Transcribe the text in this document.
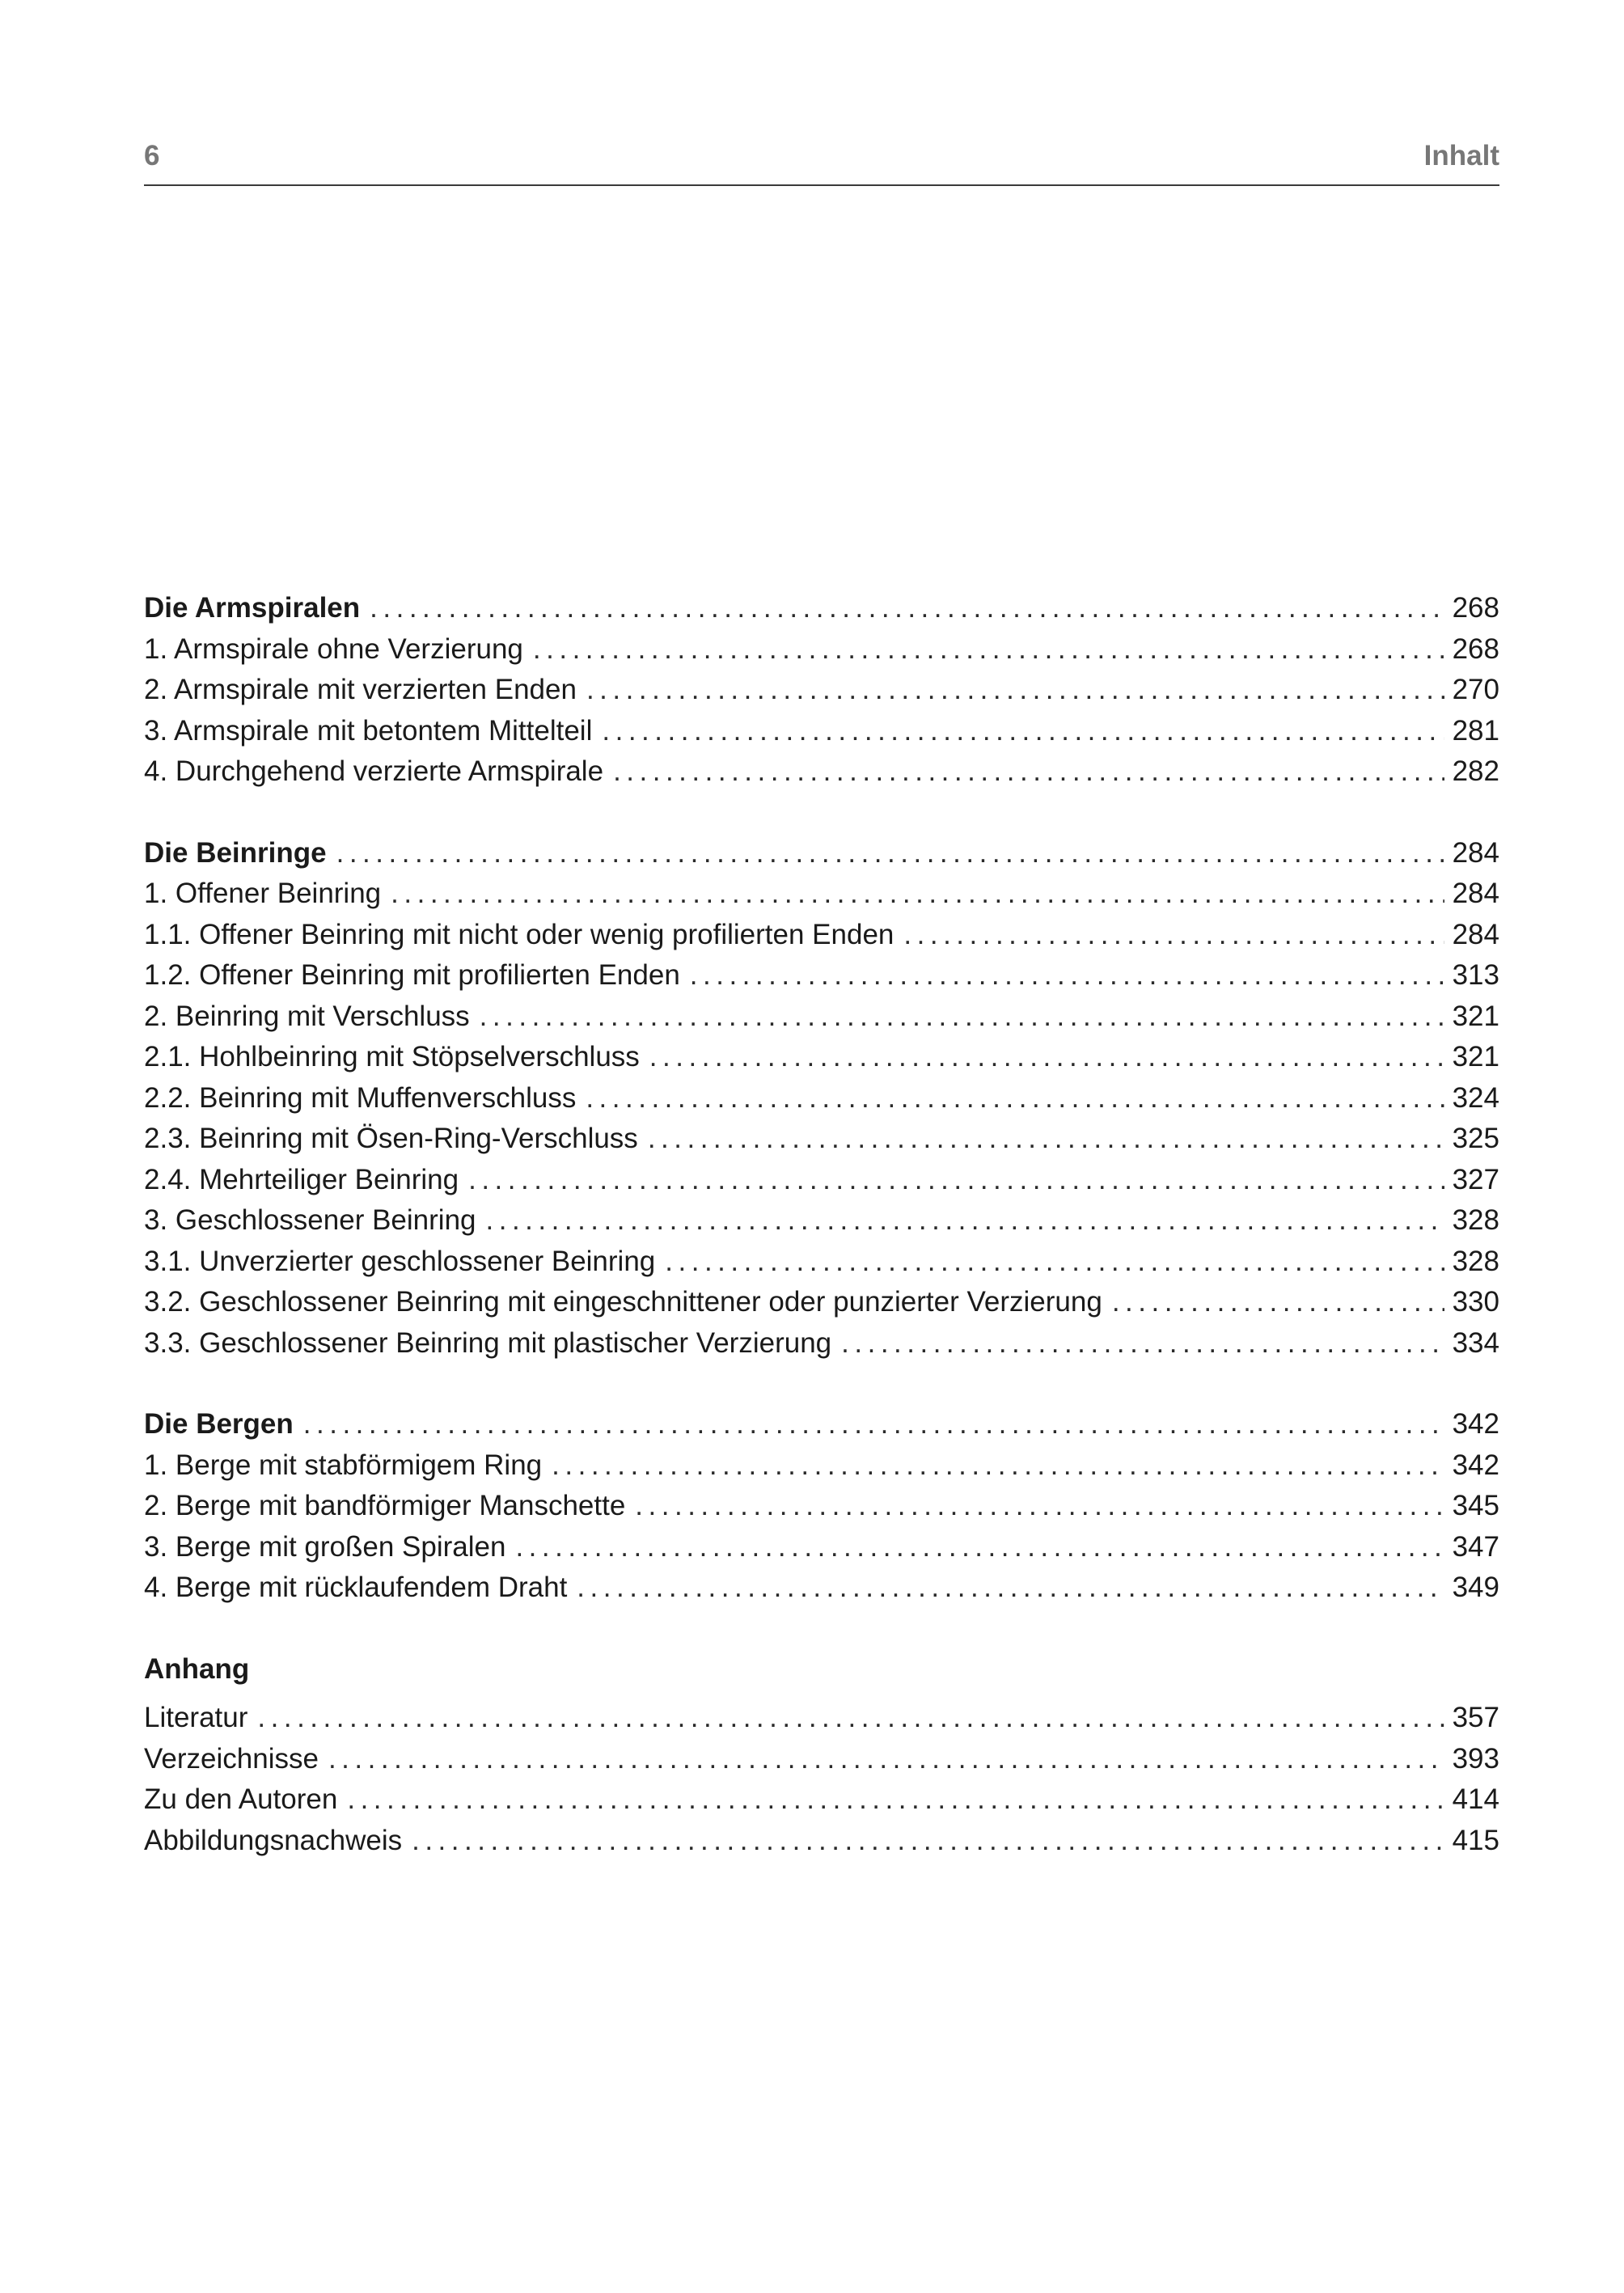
6	Inhalt
Die Armspiralen .....	268
1. Armspirale ohne Verzierung .....	268
2. Armspirale mit verzierten Enden .....	270
3. Armspirale mit betontem Mittelteil .....	281
4. Durchgehend verzierte Armspirale .....	282
Die Beinringe .....	284
1. Offener Beinring .....	284
1.1. Offener Beinring mit nicht oder wenig profilierten Enden .....	284
1.2. Offener Beinring mit profilierten Enden .....	313
2. Beinring mit Verschluss .....	321
2.1. Hohlbeinring mit Stöpselverschluss .....	321
2.2. Beinring mit Muffenverschluss .....	324
2.3. Beinring mit Ösen-Ring-Verschluss .....	325
2.4. Mehrteiliger Beinring .....	327
3. Geschlossener Beinring .....	328
3.1. Unverzierter geschlossener Beinring .....	328
3.2. Geschlossener Beinring mit eingeschnittener oder punzierter Verzierung .....	330
3.3. Geschlossener Beinring mit plastischer Verzierung .....	334
Die Bergen .....	342
1. Berge mit stabförmigem Ring .....	342
2. Berge mit bandförmiger Manschette .....	345
3. Berge mit großen Spiralen .....	347
4. Berge mit rücklaufendem Draht .....	349
Anhang
Literatur .....	357
Verzeichnisse .....	393
Zu den Autoren .....	414
Abbildungsnachweis .....	415
